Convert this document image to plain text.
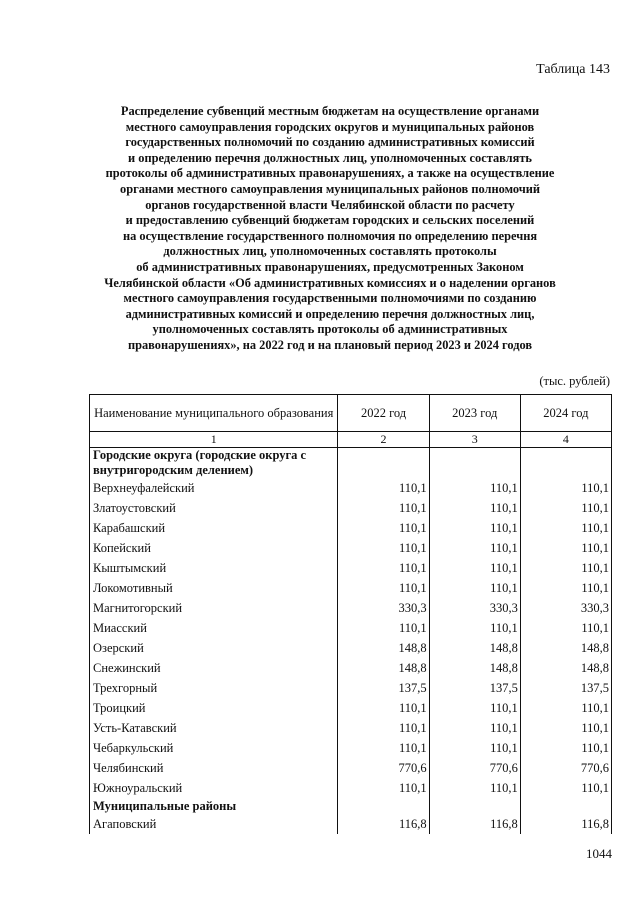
Таблица 143
Распределение субвенций местным бюджетам на осуществление органами
местного самоуправления городских округов и муниципальных районов
государственных полномочий по созданию административных комиссий
и определению перечня должностных лиц, уполномоченных составлять
протоколы об административных правонарушениях, а также на осуществление
органами местного самоуправления муниципальных районов полномочий
органов государственной власти Челябинской области по расчету
и предоставлению субвенций бюджетам городских и сельских поселений
на осуществление государственного полномочия по определению перечня
должностных лиц, уполномоченных составлять протоколы
об административных правонарушениях, предусмотренных Законом
Челябинской области «Об административных комиссиях и о наделении органов
местного самоуправления государственными полномочиями по созданию
административных комиссий и определению перечня должностных лиц,
уполномоченных составлять протоколы об административных
правонарушениях», на 2022 год и на плановый период 2023 и 2024 годов
(тыс. рублей)
Наименование муниципального образования	2022 год	2023 год	2024 год
1	2	3	4
Городские округа (городские округа с внутригородским делением)			
Верхнеуфалейский	110,1	110,1	110,1
Златоустовский	110,1	110,1	110,1
Карабашский	110,1	110,1	110,1
Копейский	110,1	110,1	110,1
Кыштымский	110,1	110,1	110,1
Локомотивный	110,1	110,1	110,1
Магнитогорский	330,3	330,3	330,3
Миасский	110,1	110,1	110,1
Озерский	148,8	148,8	148,8
Снежинский	148,8	148,8	148,8
Трехгорный	137,5	137,5	137,5
Троицкий	110,1	110,1	110,1
Усть-Катавский	110,1	110,1	110,1
Чебаркульский	110,1	110,1	110,1
Челябинский	770,6	770,6	770,6
Южноуральский	110,1	110,1	110,1
Муниципальные районы			
Агаповский	116,8	116,8	116,8
1044
